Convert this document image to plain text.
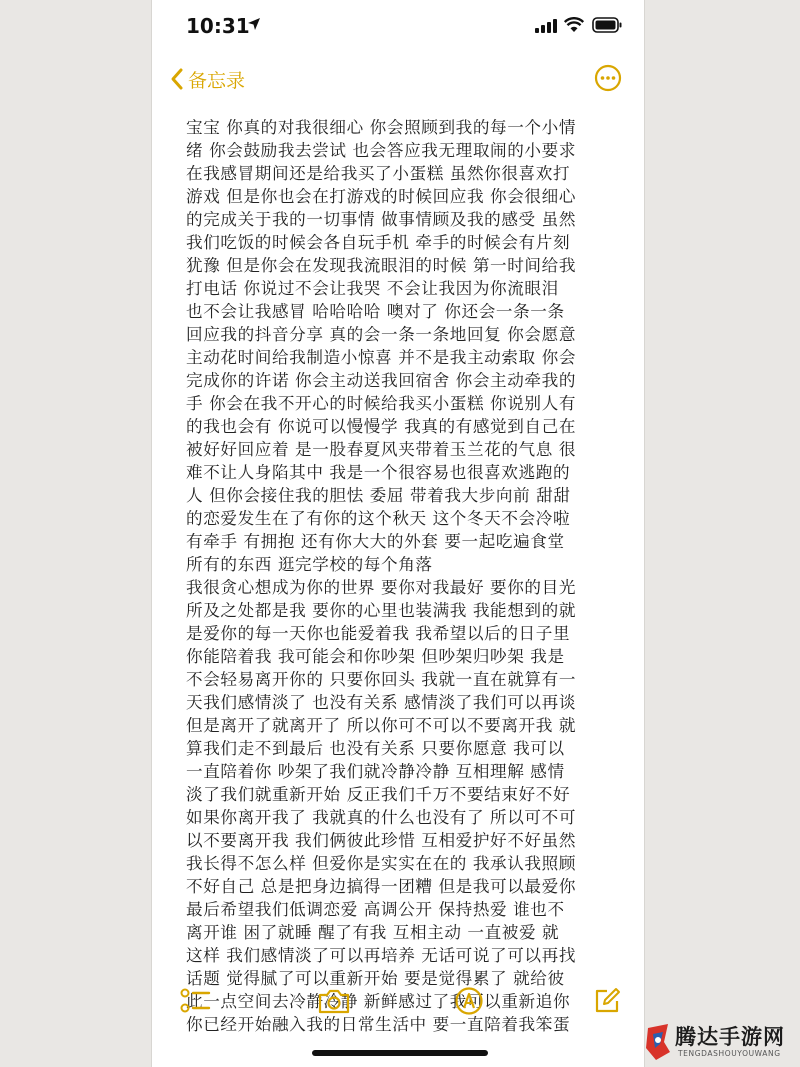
10:31
备忘录
宝宝 你真的对我很细心 你会照顾到我的每一个小情
绪 你会鼓励我去尝试 也会答应我无理取闹的小要求
在我感冒期间还是给我买了小蛋糕 虽然你很喜欢打
游戏 但是你也会在打游戏的时候回应我 你会很细心
的完成关于我的一切事情 做事情顾及我的感受 虽然
我们吃饭的时候会各自玩手机 牵手的时候会有片刻
犹豫 但是你会在发现我流眼泪的时候 第一时间给我
打电话 你说过不会让我哭 不会让我因为你流眼泪
也不会让我感冒 哈哈哈哈 噢对了 你还会一条一条
回应我的抖音分享 真的会一条一条地回复 你会愿意
主动花时间给我制造小惊喜 并不是我主动索取 你会
完成你的许诺 你会主动送我回宿舍 你会主动牵我的
手 你会在我不开心的时候给我买小蛋糕 你说别人有
的我也会有 你说可以慢慢学 我真的有感觉到自己在
被好好回应着 是一股春夏风夹带着玉兰花的气息 很
难不让人身陷其中 我是一个很容易也很喜欢逃跑的
人 但你会接住我的胆怯 委屈 带着我大步向前 甜甜
的恋爱发生在了有你的这个秋天 这个冬天不会冷啦
有牵手 有拥抱 还有你大大的外套 要一起吃遍食堂
所有的东西 逛完学校的每个角落
我很贪心想成为你的世界 要你对我最好 要你的目光
所及之处都是我 要你的心里也装满我 我能想到的就
是爱你的每一天你也能爱着我 我希望以后的日子里
你能陪着我 我可能会和你吵架 但吵架归吵架 我是
不会轻易离开你的 只要你回头 我就一直在就算有一
天我们感情淡了 也没有关系 感情淡了我们可以再谈
但是离开了就离开了 所以你可不可以不要离开我 就
算我们走不到最后 也没有关系 只要你愿意 我可以
一直陪着你 吵架了我们就冷静冷静 互相理解 感情
淡了我们就重新开始 反正我们千万不要结束好不好
如果你离开我了 我就真的什么也没有了 所以可不可
以不要离开我 我们俩彼此珍惜 互相爱护好不好虽然
我长得不怎么样 但爱你是实实在在的 我承认我照顾
不好自己 总是把身边搞得一团糟 但是我可以最爱你
最后希望我们低调恋爱 高调公开 保持热爱 谁也不
离开谁 困了就睡 醒了有我 互相主动 一直被爱 就
这样 我们感情淡了可以再培养 无话可说了可以再找
话题 觉得腻了可以重新开始 要是觉得累了 就给彼
此一点空间去冷静冷静 新鲜感过了我可以重新追你
你已经开始融入我的日常生活中 要一直陪着我笨蛋
腾达手游网
TENGDASHOUYOUWANG
